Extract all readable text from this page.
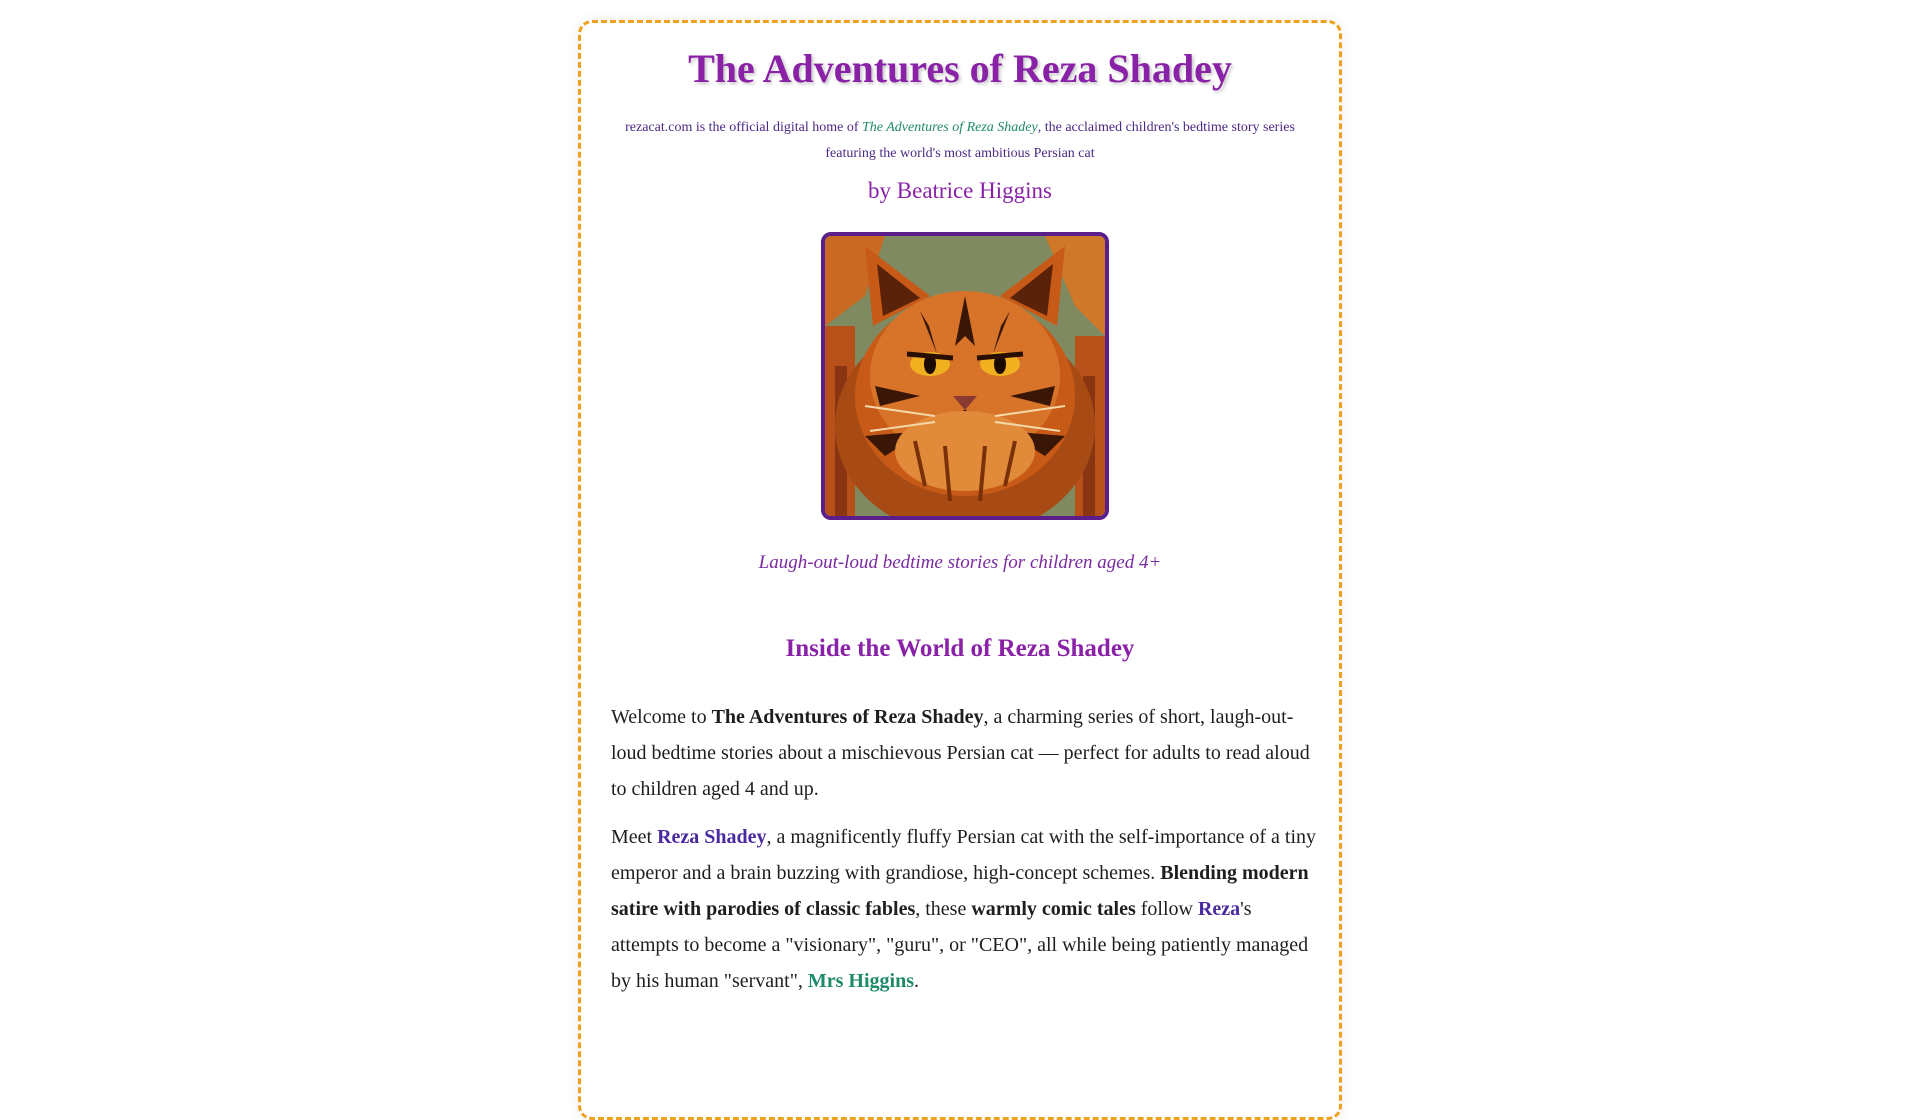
The Adventures of Reza Shadey
rezacat.com is the official digital home of The Adventures of Reza Shadey, the acclaimed children's bedtime story series featuring the world's most ambitious Persian cat
by Beatrice Higgins
Laugh-out-loud bedtime stories for children aged 4+
Inside the World of Reza Shadey

Welcome to The Adventures of Reza Shadey, a charming series of short, laugh-out-loud bedtime stories about a mischievous Persian cat — perfect for adults to read aloud to children aged 4 and up.

Meet Reza Shadey, a magnificently fluffy Persian cat with the self-importance of a tiny emperor and a brain buzzing with grandiose, high-concept schemes. Blending modern satire with parodies of classic fables, these warmly comic tales follow Reza's attempts to become a "visionary", "guru", or "CEO", all while being patiently managed by his human "servant", Mrs Higgins.
